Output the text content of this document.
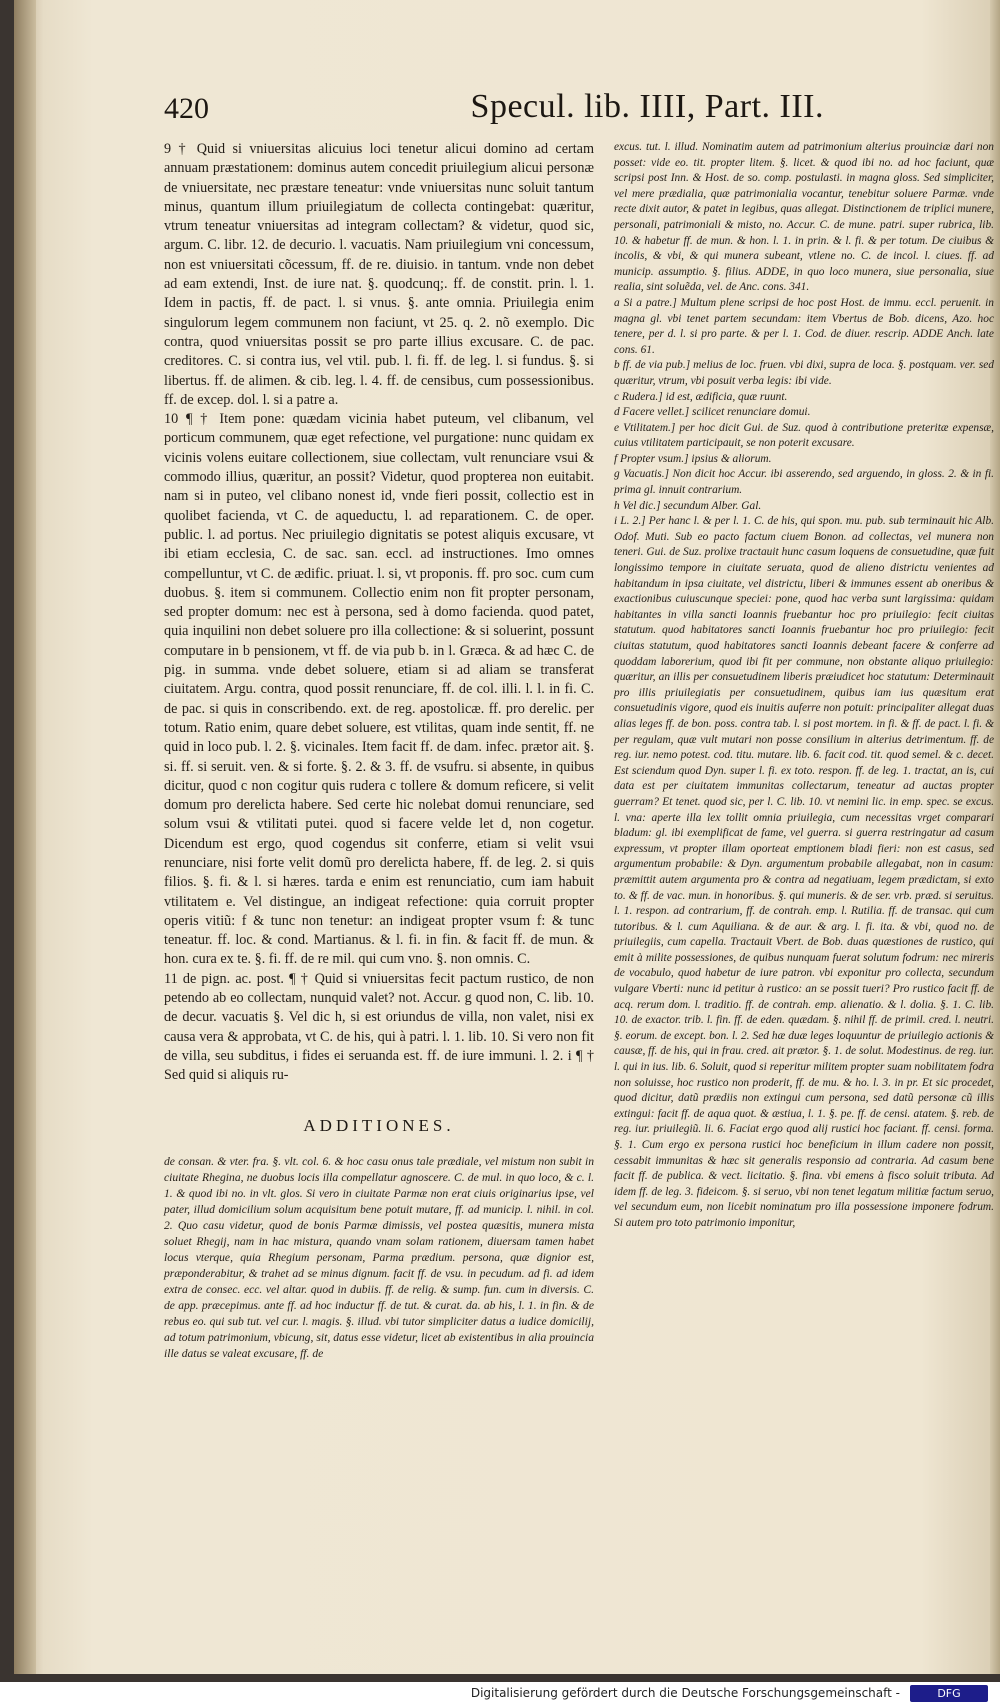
420	Specul. lib. IIII, Part. III.

9 † Quid si vniuersitas alicuius loci tenetur alicui domino ad certam annuam præstationem: dominus autem concedit priuilegium alicui personæ de vniuersitate, nec præstare teneatur: vnde vniuersitas nunc soluit tantum minus, quantum illum priuilegiatum de collecta contingebat: quæritur, vtrum teneatur vniuersitas ad integram collectam? & videtur, quod sic, argum. C. libr. 12. de decurio. l. vacuatis. Nam priuilegium vni concessum, non est vniuersitati cõcessum, ff. de re. diuisio. in tantum. vnde non debet ad eam extendi, Inst. de iure nat. §. quodcunq;. ff. de constit. prin. l. 1. Idem in pactis, ff. de pact. l. si vnus. §. ante omnia. Priuilegia enim singulorum legem communem non faciunt, vt 25. q. 2. nõ exemplo. Dic contra, quod vniuersitas possit se pro parte illius excusare. C. de pac. creditores. C. si contra ius, vel vtil. pub. l. fi. ff. de leg. l. si fundus. §. si libertus. ff. de alimen. & cib. leg. l. 4. ff. de censibus, cum possessionibus. ff. de excep. dol. l. si a patre a.

10 ¶ † Item pone: quædam vicinia habet puteum, vel clibanum, vel porticum communem, quæ eget refectione, vel purgatione: nunc quidam ex vicinis volens euitare collectionem, siue collectam, vult renunciare vsui & commodo illius, quæritur, an possit? Videtur, quod propterea non euitabit. nam si in puteo, vel clibano nonest id, vnde fieri possit, collectio est in quolibet facienda, vt C. de aqueductu, l. ad reparationem. C. de oper. public. l. ad portus. Nec priuilegio dignitatis se potest aliquis excusare, vt ibi etiam ecclesia, C. de sac. san. eccl. ad instructiones. Imo omnes compelluntur, vt C. de ædific. priuat. l. si, vt proponis. ff. pro soc. cum cum duobus. §. item si communem. Collectio enim non fit propter personam, sed propter domum: nec est à persona, sed à domo facienda. quod patet, quia inquilini non debet soluere pro illa collectione: & si soluerint, possunt computare in b pensionem, vt ff. de via pub b. in l. Græca. & ad hæc C. de pig. in summa. vnde debet soluere, etiam si ad aliam se transferat ciuitatem. Argu. contra, quod possit renunciare, ff. de col. illi. l. l. in fi. C. de pac. si quis in conscribendo. ext. de reg. apostolicæ. ff. pro derelic. per totum. Ratio enim, quare debet soluere, est vtilitas, quam inde sentit, ff. ne quid in loco pub. l. 2. §. vicinales. Item facit ff. de dam. infec. prætor ait. §. si. ff. si seruit. ven. & si forte. §. 2. & 3. ff. de vsufru. si absente, in quibus dicitur, quod c non cogitur quis rudera c tollere & domum reficere, si velit domum pro derelicta habere. Sed certe hic nolebat domui renunciare, sed solum vsui & vtilitati putei. quod si facere velde let d, non cogetur. Dicendum est ergo, quod cogendus sit conferre, etiam si velit vsui renunciare, nisi forte velit domũ pro derelicta habere, ff. de leg. 2. si quis filios. §. fi. & l. si hæres. tarda e enim est renunciatio, cum iam habuit vtilitatem e. Vel distingue, an indigeat refectione: quia corruit propter operis vitiũ: f & tunc non tenetur: an indigeat propter vsum f: & tunc teneatur. ff. loc. & cond. Martianus. & l. fi. in fin. & facit ff. de mun. & hon. cura ex te. §. fi. ff. de re mil. qui cum vno. §. non omnis. C.

11 de pign. ac. post. ¶ † Quid si vniuersitas fecit pactum rustico, de non petendo ab eo collectam, nunquid valet? not. Accur. g quod non, C. lib. 10. de decur. vacuatis §. Vel dic h, si est oriundus de villa, non valet, nisi ex causa vera & approbata, vt C. de his, qui à patri. l. 1. lib. 10. Si vero non fit de villa, seu subditus, i fides ei seruanda est. ff. de iure immuni. l. 2. i ¶ † Sed quid si aliquis ru-

ADDITIONES.
de consan. & vter. fra. §. vlt. col. 6. & hoc casu onus tale prædiale, vel mistum non subit in ciuitate Rhegina, ne duobus locis illa compellatur agnoscere. C. de mul. in quo loco, & c. l. 1. & quod ibi no. in vlt. glos. Si vero in ciuitate Parmæ non erat ciuis originarius ipse, vel pater, illud domicilium solum acquisitum bene potuit mutare, ff. ad municip. l. nihil. in col. 2. Quo casu videtur, quod de bonis Parmæ dimissis, vel postea quæsitis, munera mista soluet Rhegij, nam in hac mistura, quando vnam solam rationem, diuersam tamen habet locus vterque, quia Rhegium personam, Parma prædium. persona, quæ dignior est, præponderabitur, & trahet ad se minus dignum. facit ff. de vsu. in pecudum. ad fi. ad idem extra de consec. ecc. vel altar. quod in dubiis. ff. de relig. & sump. fun. cum in diversis. C. de app. præcepimus. ante ff. ad hoc inductur ff. de tut. & curat. da. ab his, l. 1. in fin. & de rebus eo. qui sub tut. vel cur. l. magis. §. illud. vbi tutor simpliciter datus a iudice domicilij, ad totum patrimonium, vbicung, sit, datus esse videtur, licet ab existentibus in alia prouincia ille datus se valeat excusare, ff. de

excus. tut. l. illud. Nominatim autem ad patrimonium alterius prouinciæ dari non posset: vide eo. tit. propter litem. §. licet. & quod ibi no. ad hoc faciunt, quæ scripsi post Inn. & Host. de so. comp. postulasti. in magna gloss. Sed simpliciter, vel mere prædialia, quæ patrimonialia vocantur, tenebitur soluere Parmæ. vnde recte dixit autor, & patet in legibus, quas allegat. Distinctionem de triplici munere, personali, patrimoniali & misto, no. Accur. C. de mune. patri. super rubrica, lib. 10. & habetur ff. de mun. & hon. l. 1. in prin. & l. fi. & per totum. De ciuibus & incolis, & vbi, & qui munera subeant, vtlene no. C. de incol. l. ciues. ff. ad municip. assumptio. §. filius. ADDE, in quo loco munera, siue personalia, siue realia, sint soluẽda, vel. de Anc. cons. 341.

a Si a patre.] Multum plene scripsi de hoc post Host. de immu. eccl. peruenit. in magna gl. vbi tenet partem secundam: item Vbertus de Bob. dicens, Azo. hoc tenere, per d. l. si pro parte. & per l. 1. Cod. de diuer. rescrip. ADDE Anch. late cons. 61.

b ff. de via pub.] melius de loc. fruen. vbi dixi, supra de loca. §. postquam. ver. sed quæritur, vtrum, vbi posuit verba legis: ibi vide.

c Rudera.] id est, ædificia, quæ ruunt.

d Facere vellet.] scilicet renunciare domui.

e Vtilitatem.] per hoc dicit Gui. de Suz. quod à contributione preteritæ expensæ, cuius vtilitatem participauit, se non poterit excusare.

f Propter vsum.] ipsius & aliorum.

g Vacuatis.] Non dicit hoc Accur. ibi asserendo, sed arguendo, in gloss. 2. & in fi. prima gl. innuit contrarium.

h Vel dic.] secundum Alber. Gal.

i L. 2.] Per hanc l. & per l. 1. C. de his, qui spon. mu. pub. sub terminauit hic Alb. Odof. Muti. Sub eo pacto factum ciuem Bonon. ad collectas, vel munera non teneri. Gui. de Suz. prolixe tractauit hunc casum loquens de consuetudine, quæ fuit longissimo tempore in ciuitate seruata, quod de alieno districtu venientes ad habitandum in ipsa ciuitate, vel districtu, liberi & immunes essent ab oneribus & exactionibus cuiuscunque speciei: pone, quod hac verba sunt largissima: quidam habitantes in villa sancti Ioannis fruebantur hoc pro priuilegio: fecit ciuitas statutum. quod habitatores sancti Ioannis fruebantur hoc pro priuilegio: fecit ciuitas statutum, quod habitatores sancti Ioannis debeant facere & conferre ad quoddam laborerium, quod ibi fit per commune, non obstante aliquo priuilegio: quæritur, an illis per consuetudinem liberis præiudicet hoc statutum: Determinauit pro illis priuilegiatis per consuetudinem, quibus iam ius quæsitum erat consuetudinis vigore, quod eis inuitis auferre non potuit: principaliter allegat duas alias leges ff. de bon. poss. contra tab. l. si post mortem. in fi. & ff. de pact. l. fi. & per regulam, quæ vult mutari non posse consilium in alterius detrimentum. ff. de reg. iur. nemo potest. cod. titu. mutare. lib. 6. facit cod. tit. quod semel. & c. decet. Est sciendum quod Dyn. super l. fi. ex toto. respon. ff. de leg. 1. tractat, an is, cui data est per ciuitatem immunitas collectarum, teneatur ad auctas propter guerram? Et tenet. quod sic, per l. C. lib. 10. vt nemini lic. in emp. spec. se excus. l. vna: aperte illa lex tollit omnia priuilegia, cum necessitas vrget comparari bladum: gl. ibi exemplificat de fame, vel guerra. si guerra restringatur ad casum expressum, vt propter illam oporteat emptionem bladi fieri: non est casus, sed argumentum probabile: & Dyn. argumentum probabile allegabat, non in casum: præmittit autem argumenta pro & contra ad negatiuam, legem prædictam, si exto to. & ff. de vac. mun. in honoribus. §. qui muneris. & de ser. vrb. præd. si seruitus. l. 1. respon. ad contrarium, ff. de contrah. emp. l. Rutilia. ff. de transac. qui cum tutoribus. & l. cum Aquiliana. & de aur. & arg. l. fi. ita. & vbi, quod no. de priuilegiis, cum capella. Tractauit Vbert. de Bob. duas quæstiones de rustico, qui emit à milite possessiones, de quibus nunquam fuerat solutum fodrum: nec mireris de vocabulo, quod habetur de iure patron. vbi exponitur pro collecta, secundum vulgare Vberti: nunc id petitur à rustico: an se possit tueri? Pro rustico facit ff. de acq. rerum dom. l. traditio. ff. de contrah. emp. alienatio. & l. dolia. §. 1. C. lib. 10. de exactor. trib. l. fin. ff. de eden. quædam. §. nihil ff. de primil. cred. l. neutri. §. eorum. de except. bon. l. 2. Sed hæ duæ leges loquuntur de priuilegio actionis & causæ, ff. de his, qui in frau. cred. ait prætor. §. 1. de solut. Modestinus. de reg. iur. l. qui in ius. lib. 6. Soluit, quod si reperitur militem propter suam nobilitatem fodra non soluisse, hoc rustico non proderit, ff. de mu. & ho. l. 3. in pr. Et sic procedet, quod dicitur, datũ prædiis non extingui cum persona, sed datũ personæ cũ illis extingui: facit ff. de aqua quot. & æstiua, l. 1. §. pe. ff. de censi. atatem. §. reb. de reg. iur. priuilegiũ. li. 6. Faciat ergo quod alij rustici hoc faciant. ff. censi. forma. §. 1. Cum ergo ex persona rustici hoc beneficium in illum cadere non possit, cessabit immunitas & hæc sit generalis responsio ad contraria. Ad casum bene facit ff. de publica. & vect. licitatio. §. fina. vbi emens à fisco soluit tributa. Ad idem ff. de leg. 3. fideicom. §. si seruo, vbi non tenet legatum militiæ factum seruo, vel secundum eum, non licebit nominatum pro illa possessione imponere fodrum. Si autem pro toto patrimonio imponitur,

Digitalisierung gefördert durch die Deutsche Forschungsgemeinschaft -	DFG
